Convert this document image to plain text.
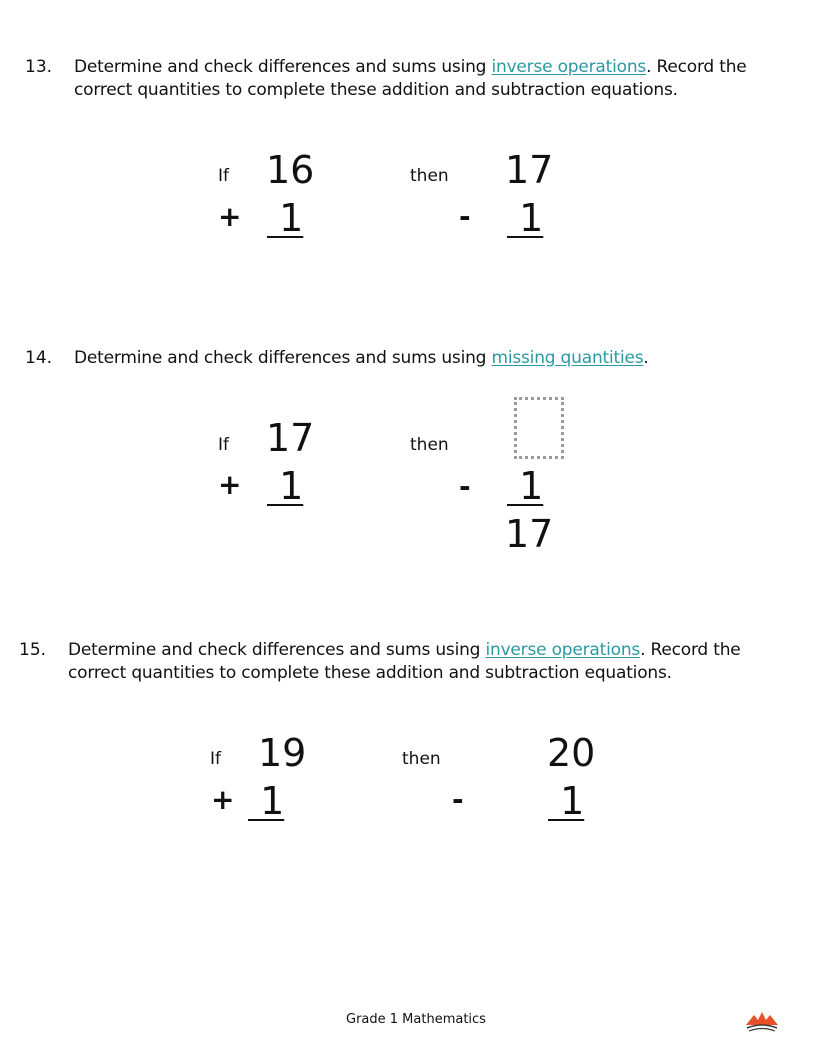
13. Determine and check differences and sums using inverse operations. Record the
correct quantities to complete these addition and subtraction equations.
If 16
+ 1
then 17
- 1
14. Determine and check differences and sums using missing quantities.
If 17
+ 1
then
- 1
17
15. Determine and check differences and sums using inverse operations. Record the
correct quantities to complete these addition and subtraction equations.
If 19
+ 1
then	20
- 1
Grade 1 Mathematics
